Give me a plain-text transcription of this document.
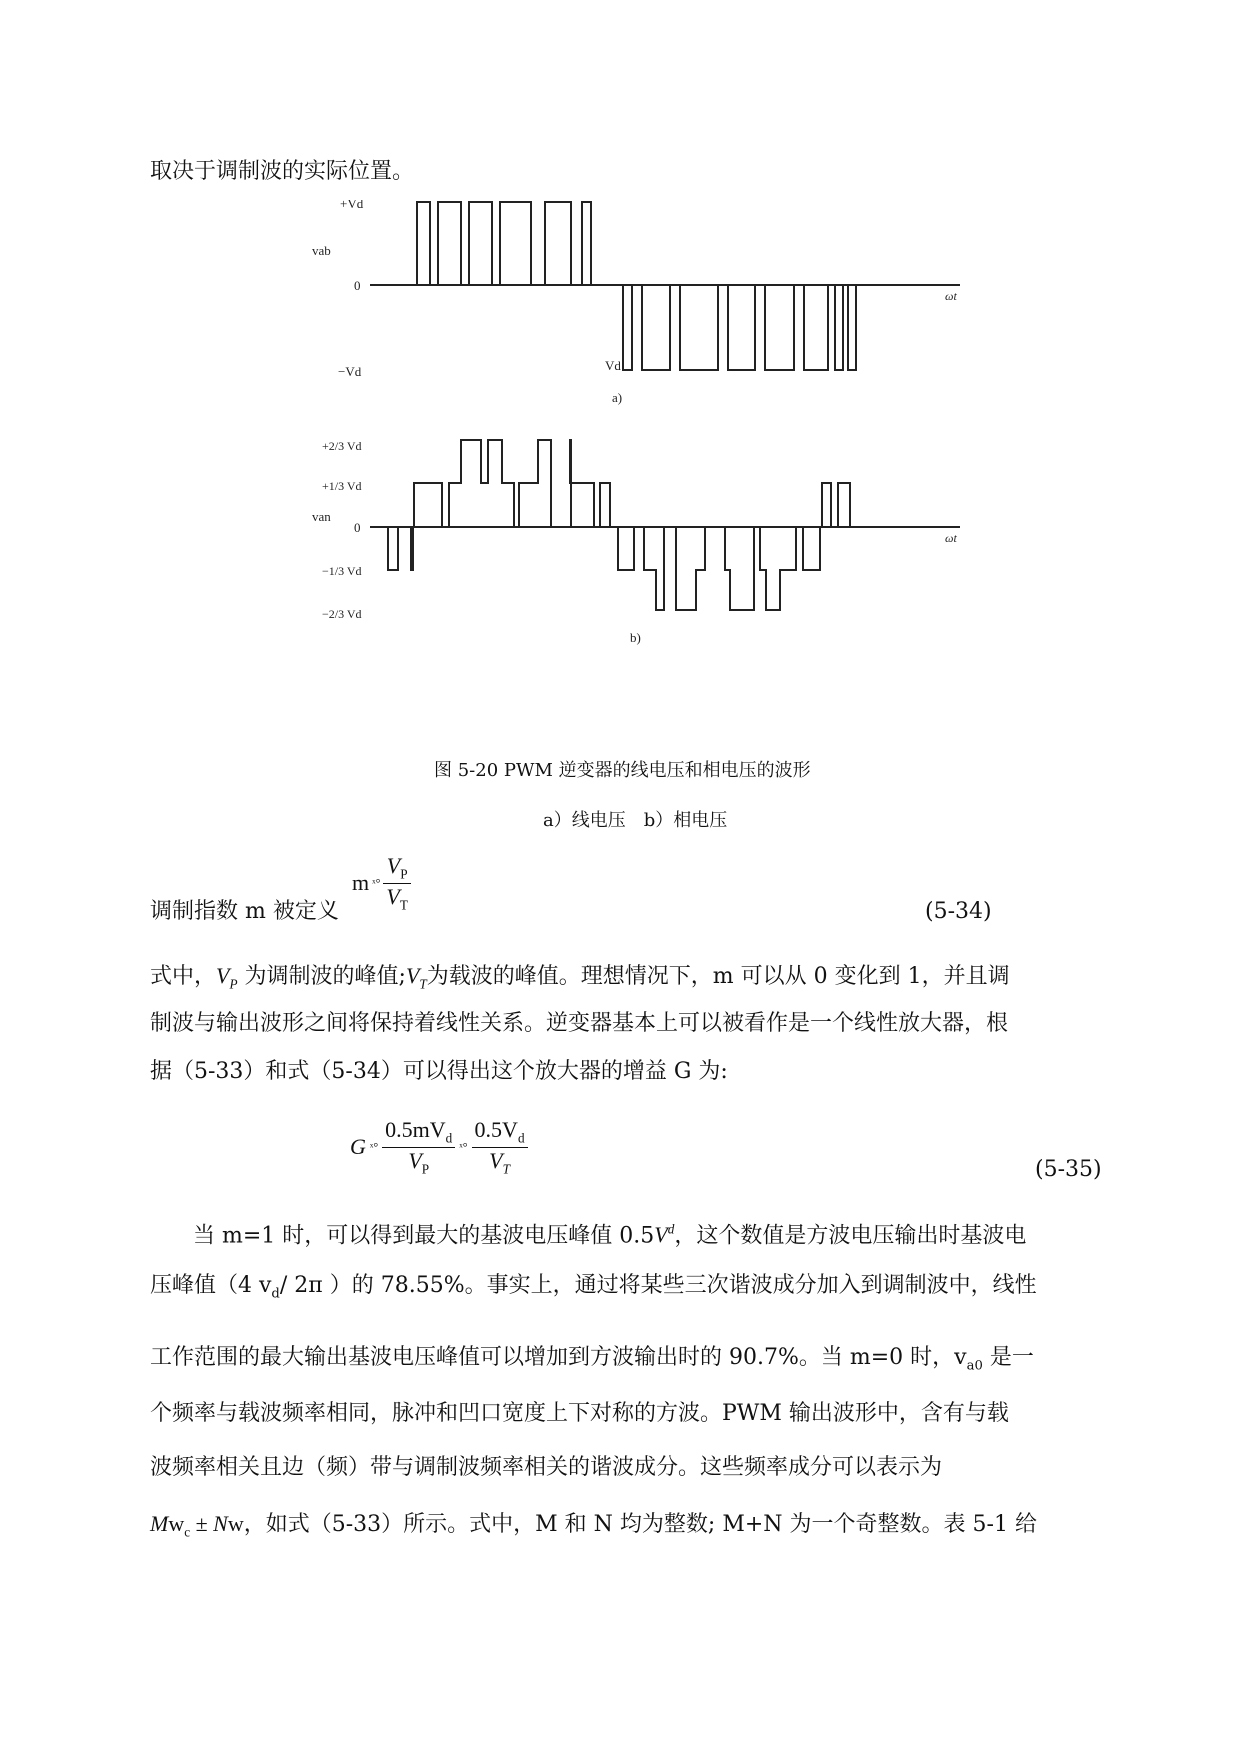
取决于调制波的实际位置。
+Vd
vab
0
ωt
Vd
−Vd
a)
+2/3 Vd
+1/3 Vd
van
0
ωt
−1/3 Vd
−2/3 Vd
b)
图 5-20 PWM 逆变器的线电压和相电压的波形
a）线电压　b）相电压
调制指数 m 被定义
m ˣ° $\frac{V_P}{V_T}$	(5-34)
式中，$V_P$ 为调制波的峰值$;V_T$为载波的峰值。理想情况下，m 可以从 0 变化到 1，并且调
制波与输出波形之间将保持着线性关系。逆变器基本上可以被看作是一个线性放大器，根
据（5-33）和式（5-34）可以得出这个放大器的增益 G 为:
G ˣ° $\frac{0.5mV_d}{V_P}$ ˣ° $\frac{0.5V_d}{V_T}$	(5-35)
当 m=1 时，可以得到最大的基波电压峰值 $0.5V^d$，这个数值是方波电压输出时基波电
压峰值（4 $v_d/$ 2π ）的 78.55%。事实上，通过将某些三次谐波成分加入到调制波中，线性
工作范围的最大输出基波电压峰值可以增加到方波输出时的 90.7%。当 m=0 时，$v_{a0}$ 是一
个频率与载波频率相同，脉冲和凹口宽度上下对称的方波。PWM 输出波形中，含有与载
波频率相关且边（频）带与调制波频率相关的谐波成分。这些频率成分可以表示为
$Mw_c \pm Nw$，如式（5-33）所示。式中，M 和 N 均为整数; M+N 为一个奇整数。表 5-1 给
